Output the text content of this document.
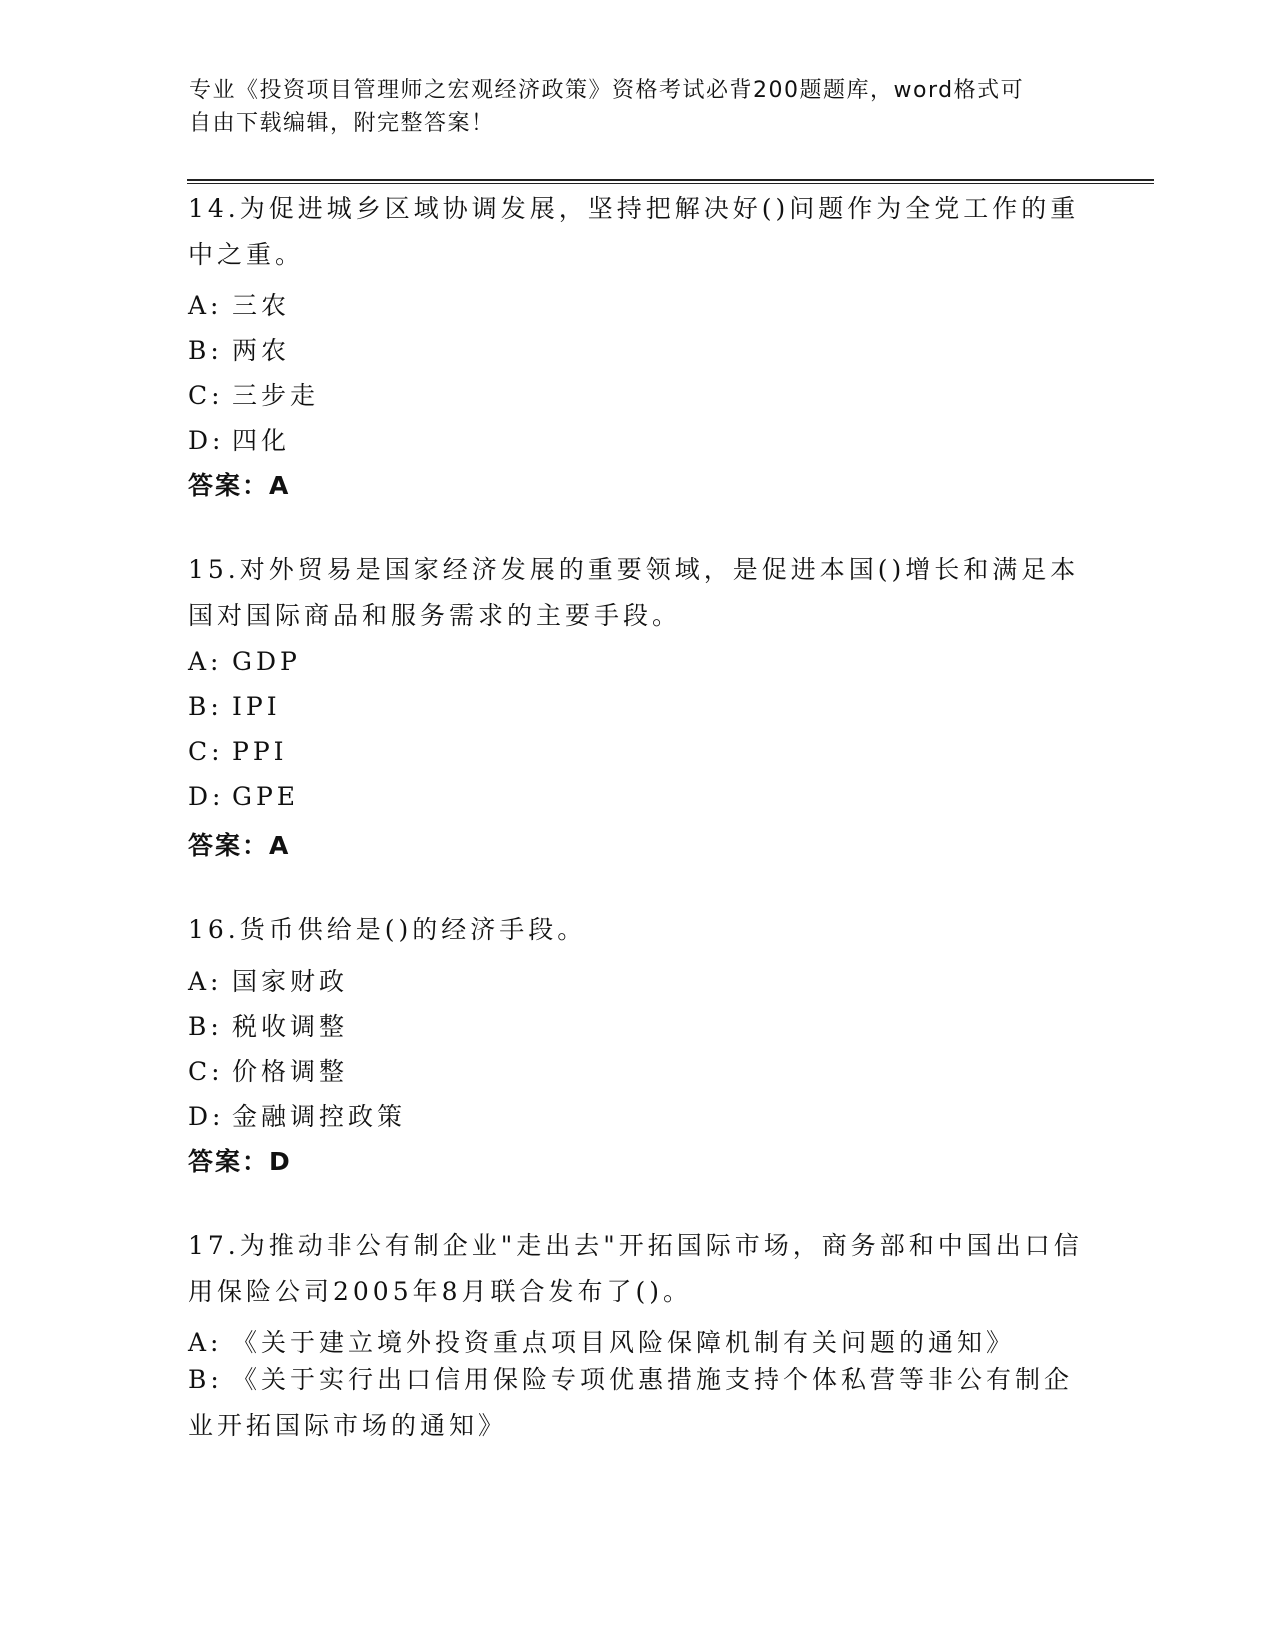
专业《投资项目管理师之宏观经济政策》资格考试必背200题题库，word格式可
自由下载编辑，附完整答案！
14.为促进城乡区域协调发展，坚持把解决好()问题作为全党工作的重
中之重。
A: 三农
B: 两农
C: 三步走
D: 四化
答案：A
15.对外贸易是国家经济发展的重要领域，是促进本国()增长和满足本
国对国际商品和服务需求的主要手段。
A: GDP
B: IPI
C: PPI
D: GPE
答案：A
16.货币供给是()的经济手段。
A: 国家财政
B: 税收调整
C: 价格调整
D: 金融调控政策
答案：D
17.为推动非公有制企业"走出去"开拓国际市场，商务部和中国出口信
用保险公司2005年8月联合发布了()。
A: 《关于建立境外投资重点项目风险保障机制有关问题的通知》
B: 《关于实行出口信用保险专项优惠措施支持个体私营等非公有制企
业开拓国际市场的通知》
